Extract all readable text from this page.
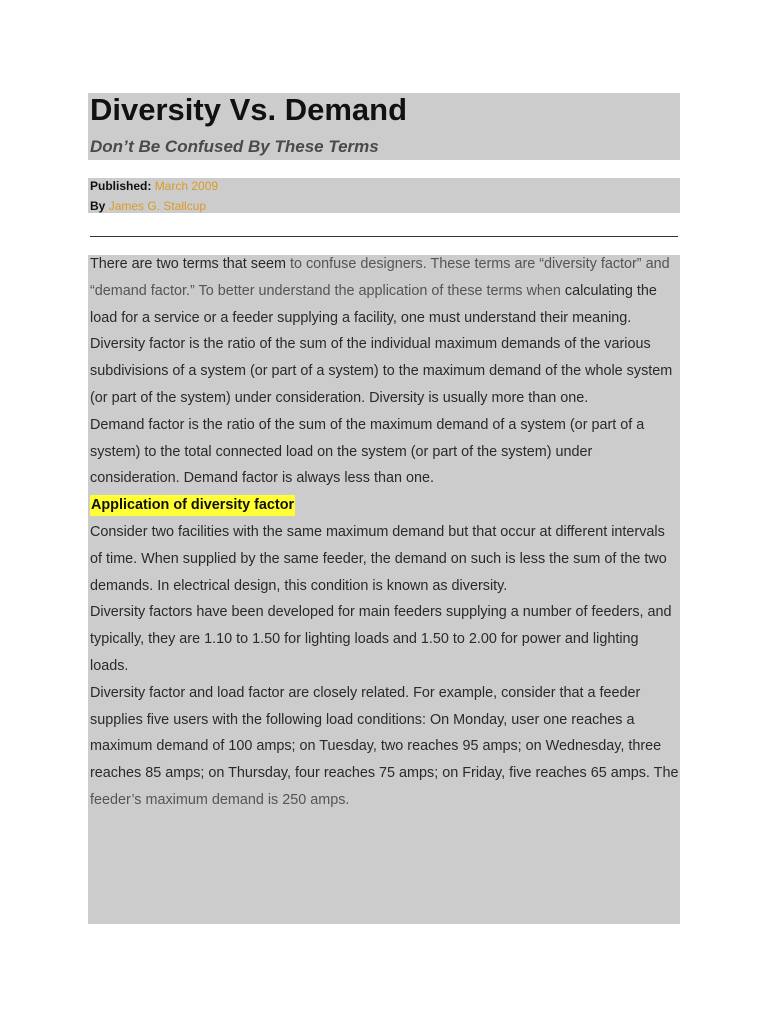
Diversity Vs. Demand
Don’t Be Confused By These Terms
Published: March 2009
By James G. Stallcup

There are two terms that seem to confuse designers. These terms are “diversity factor” and “demand factor.” To better understand the application of these terms when calculating the load for a service or a feeder supplying a facility, one must understand their meaning.

Diversity factor is the ratio of the sum of the individual maximum demands of the various subdivisions of a system (or part of a system) to the maximum demand of the whole system (or part of the system) under consideration. Diversity is usually more than one.

Demand factor is the ratio of the sum of the maximum demand of a system (or part of a system) to the total connected load on the system (or part of the system) under consideration. Demand factor is always less than one.

Application of diversity factor

Consider two facilities with the same maximum demand but that occur at different intervals of time. When supplied by the same feeder, the demand on such is less the sum of the two demands. In electrical design, this condition is known as diversity.

Diversity factors have been developed for main feeders supplying a number of feeders, and typically, they are 1.10 to 1.50 for lighting loads and 1.50 to 2.00 for power and lighting loads.

Diversity factor and load factor are closely related. For example, consider that a feeder supplies five users with the following load conditions: On Monday, user one reaches a maximum demand of 100 amps; on Tuesday, two reaches 95 amps; on Wednesday, three reaches 85 amps; on Thursday, four reaches 75 amps; on Friday, five reaches 65 amps. The feeder’s maximum demand is 250 amps.
